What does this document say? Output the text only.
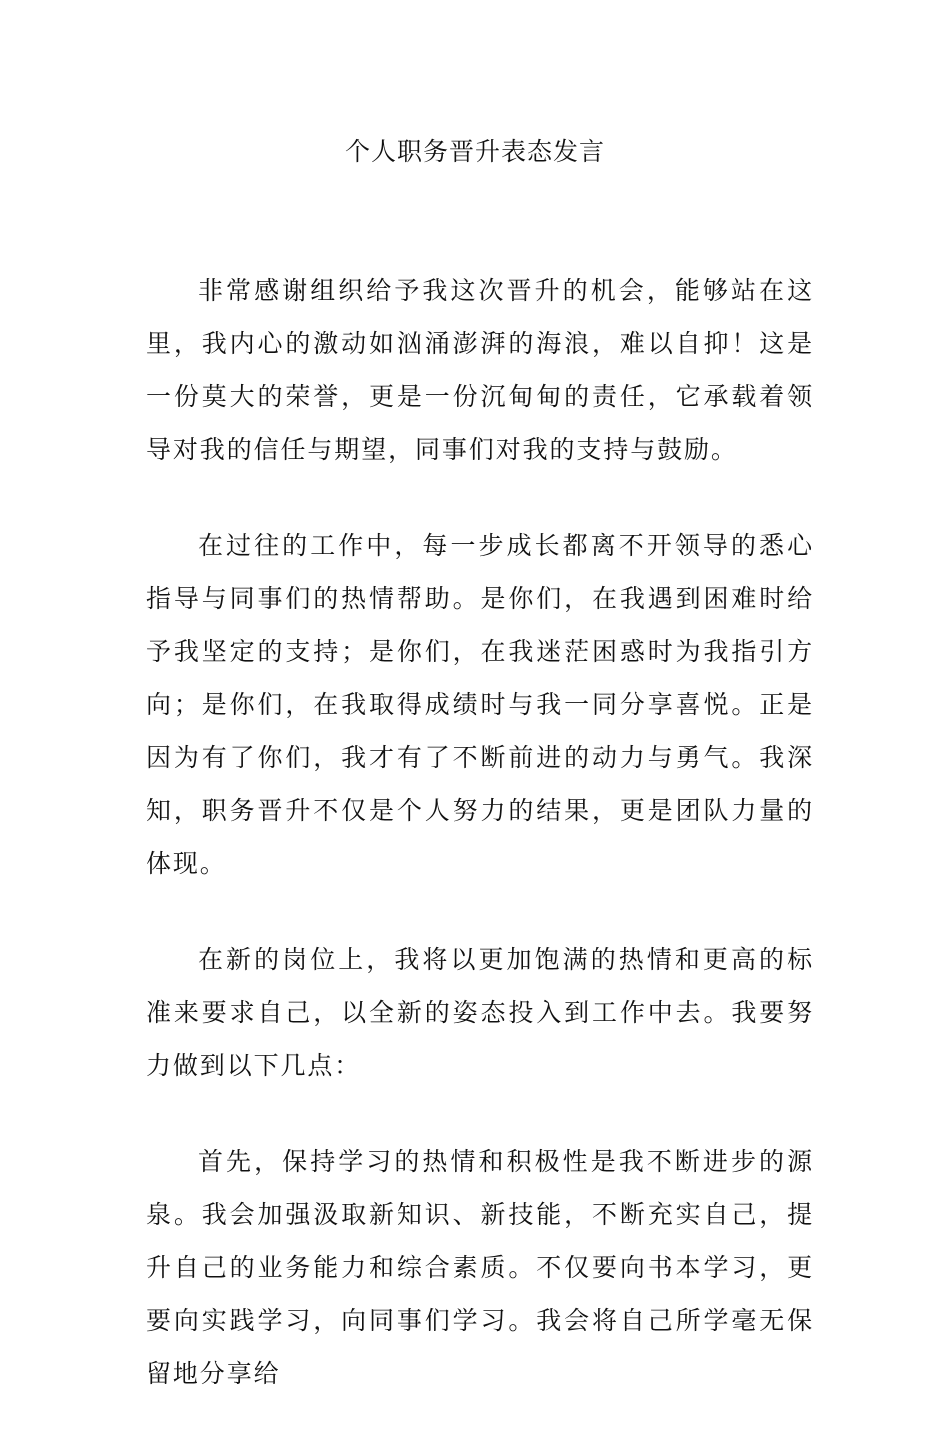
个人职务晋升表态发言

非常感谢组织给予我这次晋升的机会，能够站在这里，我内心的激动如汹涌澎湃的海浪，难以自抑！这是一份莫大的荣誉，更是一份沉甸甸的责任，它承载着领导对我的信任与期望，同事们对我的支持与鼓励。

在过往的工作中，每一步成长都离不开领导的悉心指导与同事们的热情帮助。是你们，在我遇到困难时给予我坚定的支持；是你们，在我迷茫困惑时为我指引方向；是你们，在我取得成绩时与我一同分享喜悦。正是因为有了你们，我才有了不断前进的动力与勇气。我深知，职务晋升不仅是个人努力的结果，更是团队力量的体现。

在新的岗位上，我将以更加饱满的热情和更高的标准来要求自己，以全新的姿态投入到工作中去。我要努力做到以下几点：

首先，保持学习的热情和积极性是我不断进步的源泉。我会加强汲取新知识、新技能，不断充实自己，提升自己的业务能力和综合素质。不仅要向书本学习，更要向实践学习，向同事们学习。我会将自己所学毫无保留地分享给
